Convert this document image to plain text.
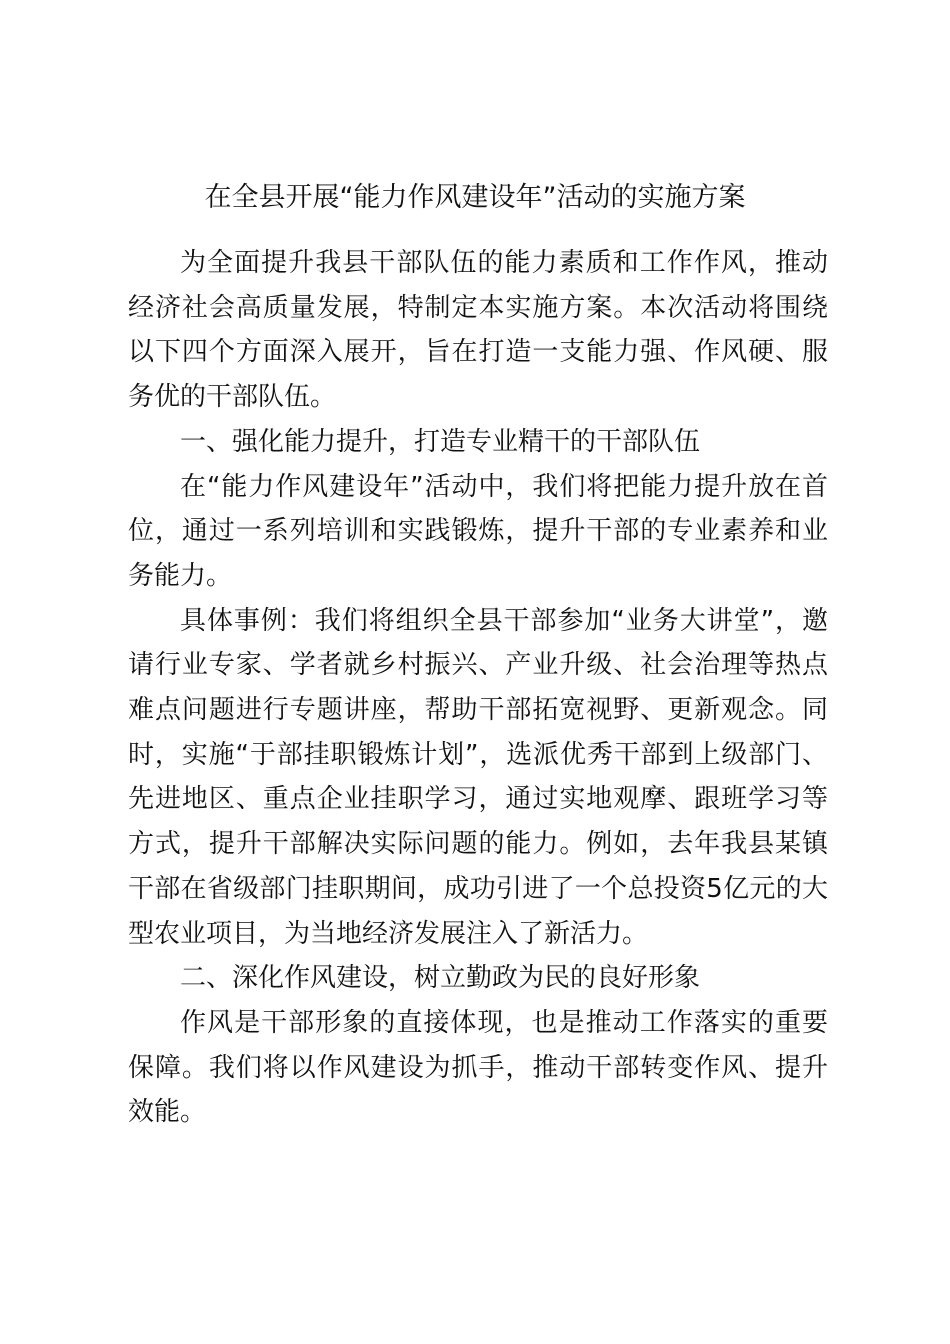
在全县开展“能力作风建设年”活动的实施方案

为全面提升我县干部队伍的能力素质和工作作风，推动经济社会高质量发展，特制定本实施方案。本次活动将围绕以下四个方面深入展开，旨在打造一支能力强、作风硬、服务优的干部队伍。

一、强化能力提升，打造专业精干的干部队伍

在“能力作风建设年”活动中，我们将把能力提升放在首位，通过一系列培训和实践锻炼，提升干部的专业素养和业务能力。

具体事例：我们将组织全县干部参加“业务大讲堂”，邀请行业专家、学者就乡村振兴、产业升级、社会治理等热点难点问题进行专题讲座，帮助干部拓宽视野、更新观念。同时，实施“于部挂职锻炼计划”，选派优秀干部到上级部门、先进地区、重点企业挂职学习，通过实地观摩、跟班学习等方式，提升干部解决实际问题的能力。例如，去年我县某镇干部在省级部门挂职期间，成功引进了一个总投资5亿元的大型农业项目，为当地经济发展注入了新活力。

二、深化作风建设，树立勤政为民的良好形象

作风是干部形象的直接体现，也是推动工作落实的重要保障。我们将以作风建设为抓手，推动干部转变作风、提升效能。
